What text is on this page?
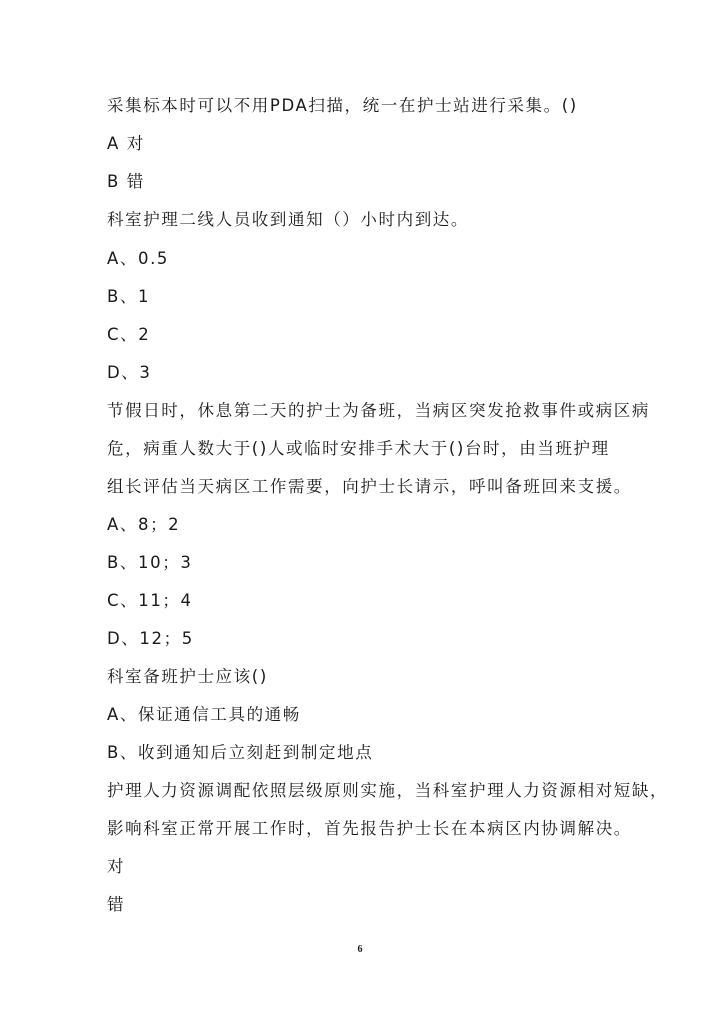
采集标本时可以不用PDA扫描，统一在护士站进行采集。()
A 对
B 错
科室护理二线人员收到通知（）小时内到达。
A、0.5
B、1
C、2
D、3
节假日时，休息第二天的护士为备班，当病区突发抢救事件或病区病
危，病重人数大于()人或临时安排手术大于()台时，由当班护理
组长评估当天病区工作需要，向护士长请示，呼叫备班回来支援。
A、8；2
B、10；3
C、11；4
D、12；5
科室备班护士应该()
A、保证通信工具的通畅
B、收到通知后立刻赶到制定地点
护理人力资源调配依照层级原则实施，当科室护理人力资源相对短缺，
影响科室正常开展工作时，首先报告护士长在本病区内协调解决。
对
错
6
